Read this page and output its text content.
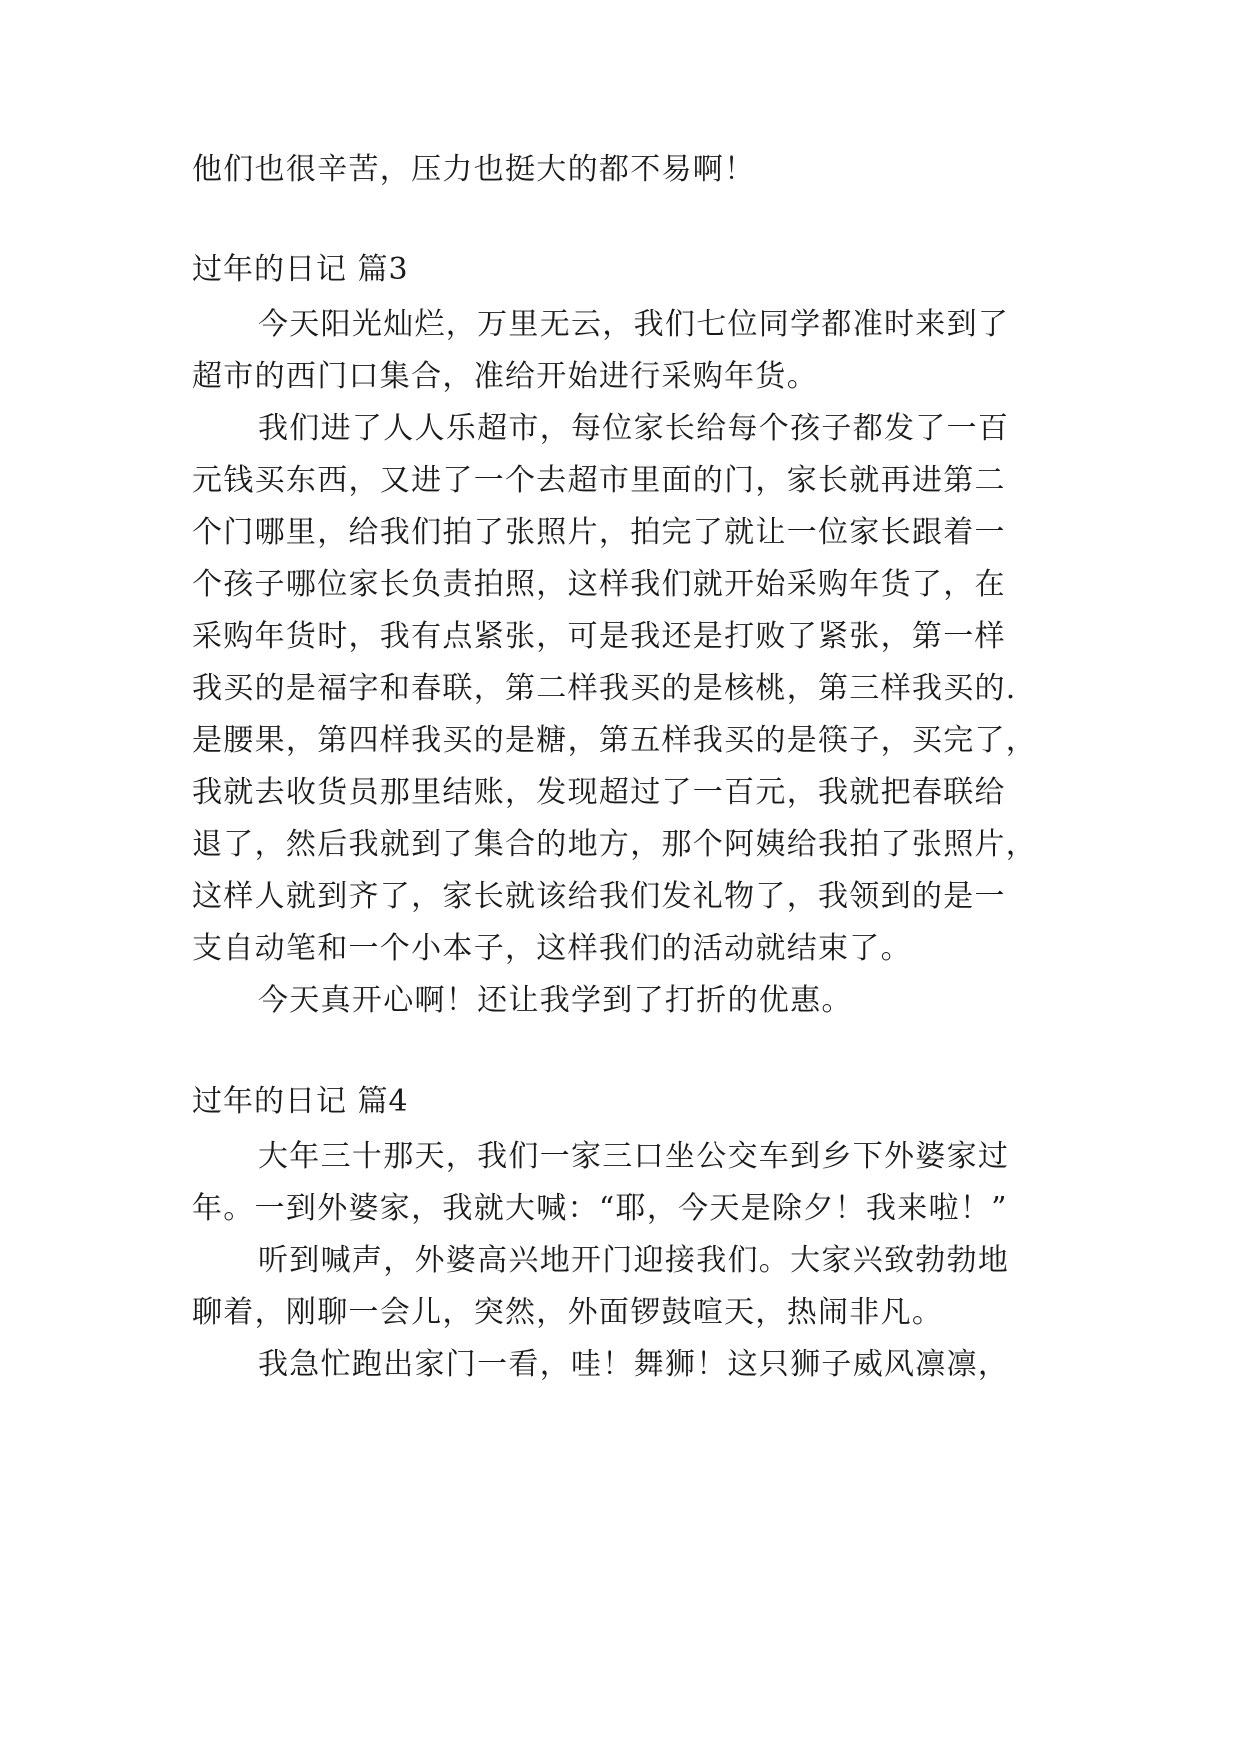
他们也很辛苦，压力也挺大的都不易啊！
过年的日记 篇3
今天阳光灿烂，万里无云，我们七位同学都准时来到了
超市的西门口集合，准给开始进行采购年货。
我们进了人人乐超市，每位家长给每个孩子都发了一百
元钱买东西，又进了一个去超市里面的门，家长就再进第二
个门哪里，给我们拍了张照片，拍完了就让一位家长跟着一
个孩子哪位家长负责拍照，这样我们就开始采购年货了，在
采购年货时，我有点紧张，可是我还是打败了紧张，第一样
我买的是福字和春联，第二样我买的是核桃，第三样我买的.
是腰果，第四样我买的是糖，第五样我买的是筷子，买完了，
我就去收货员那里结账，发现超过了一百元，我就把春联给
退了，然后我就到了集合的地方，那个阿姨给我拍了张照片，
这样人就到齐了，家长就该给我们发礼物了，我领到的是一
支自动笔和一个小本子，这样我们的活动就结束了。
今天真开心啊！还让我学到了打折的优惠。
过年的日记 篇4
大年三十那天，我们一家三口坐公交车到乡下外婆家过
年。一到外婆家，我就大喊：“耶，今天是除夕！我来啦！”
听到喊声，外婆高兴地开门迎接我们。大家兴致勃勃地
聊着，刚聊一会儿，突然，外面锣鼓喧天，热闹非凡。
我急忙跑出家门一看，哇！舞狮！这只狮子威风凛凛，
